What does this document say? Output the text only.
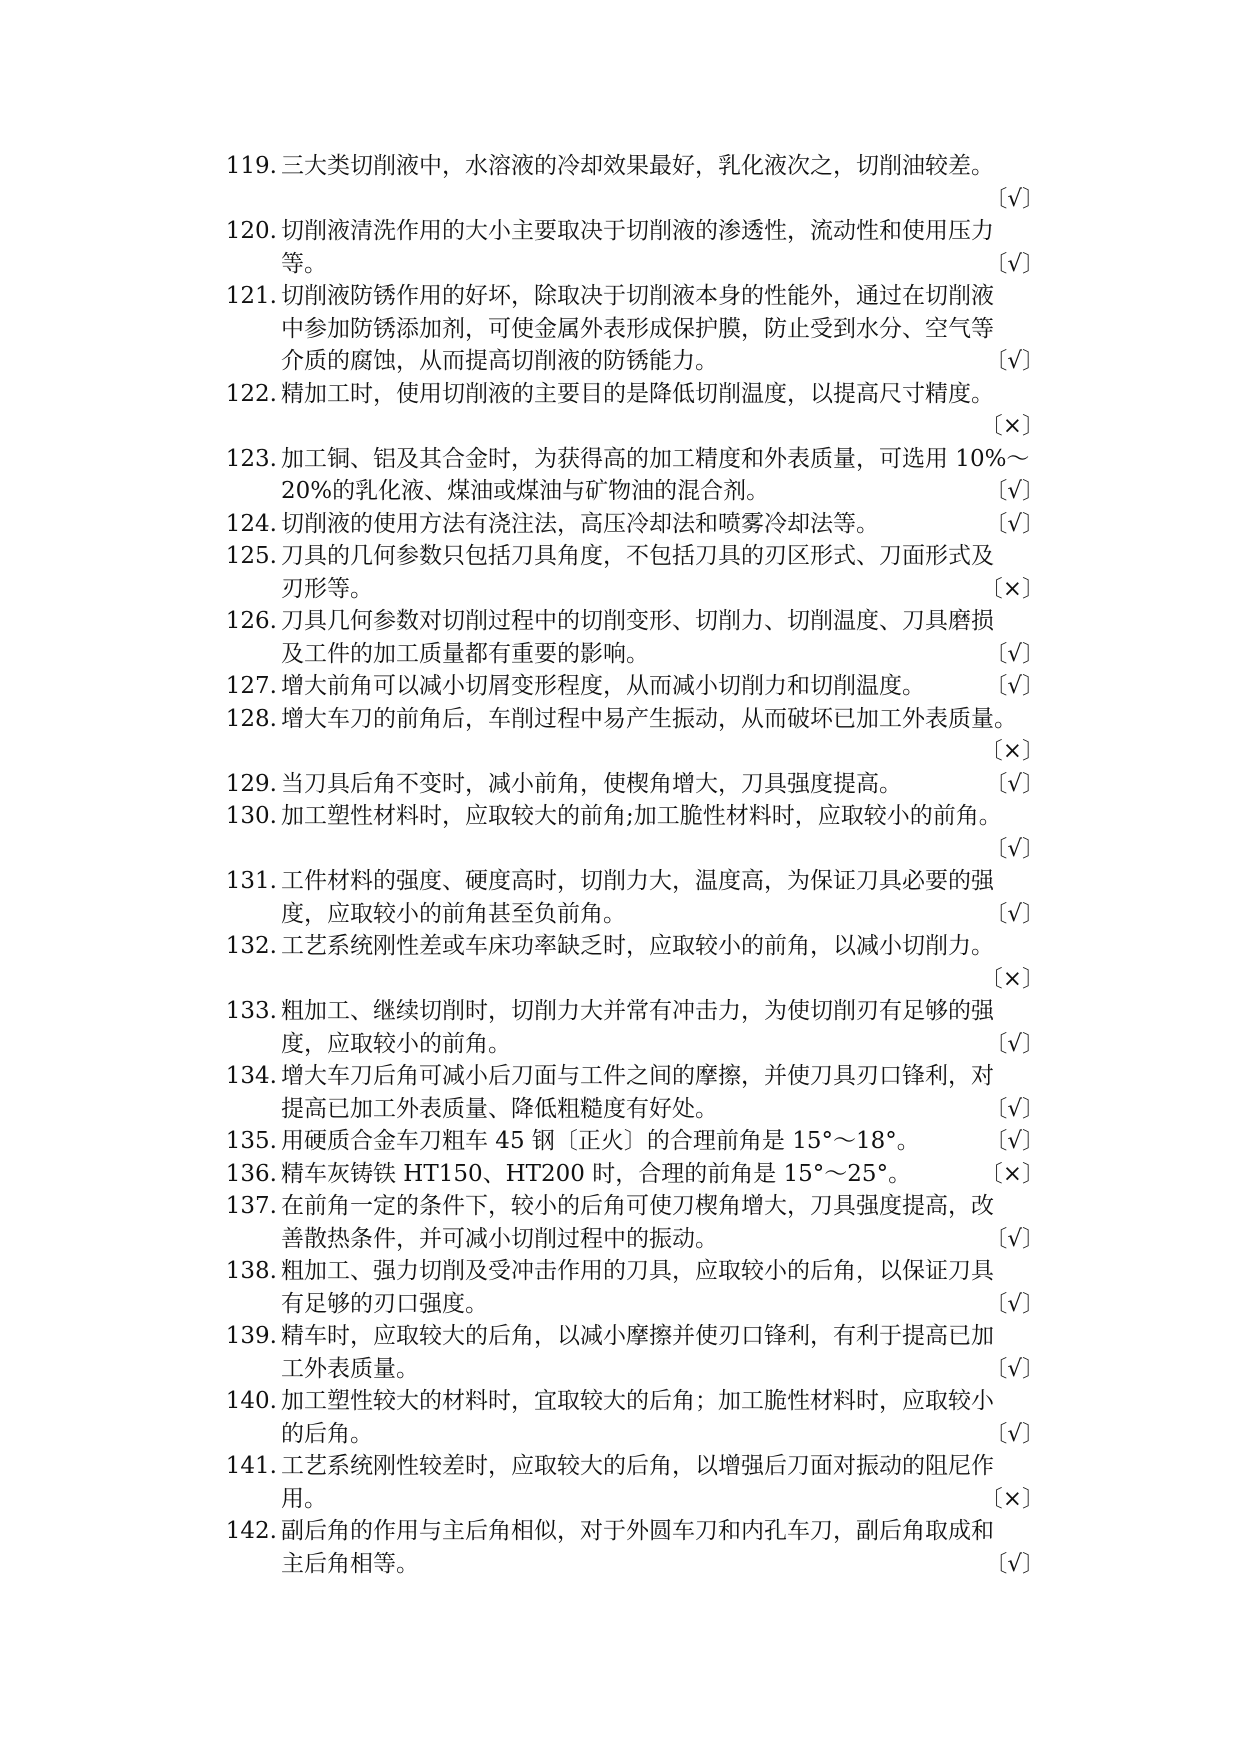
119. 三大类切削液中，水溶液的冷却效果最好，乳化液次之，切削油较差。
〔√〕
120. 切削液清洗作用的大小主要取决于切削液的渗透性，流动性和使用压力
等。	〔√〕
121. 切削液防锈作用的好坏，除取决于切削液本身的性能外，通过在切削液
中参加防锈添加剂，可使金属外表形成保护膜，防止受到水分、空气等
介质的腐蚀，从而提高切削液的防锈能力。	〔√〕
122. 精加工时，使用切削液的主要目的是降低切削温度，以提高尺寸精度。
〔×〕
123. 加工铜、铝及其合金时，为获得高的加工精度和外表质量，可选用 10%～
20%的乳化液、煤油或煤油与矿物油的混合剂。	〔√〕
124. 切削液的使用方法有浇注法，高压冷却法和喷雾冷却法等。	〔√〕
125. 刀具的几何参数只包括刀具角度，不包括刀具的刃区形式、刀面形式及
刃形等。	〔×〕
126. 刀具几何参数对切削过程中的切削变形、切削力、切削温度、刀具磨损
及工件的加工质量都有重要的影响。	〔√〕
127. 增大前角可以减小切屑变形程度，从而减小切削力和切削温度。	〔√〕
128. 增大车刀的前角后，车削过程中易产生振动，从而破坏已加工外表质量。
〔×〕
129. 当刀具后角不变时，减小前角，使楔角增大，刀具强度提高。	〔√〕
130. 加工塑性材料时，应取较大的前角;加工脆性材料时，应取较小的前角。
〔√〕
131. 工件材料的强度、硬度高时，切削力大，温度高，为保证刀具必要的强
度，应取较小的前角甚至负前角。	〔√〕
132. 工艺系统刚性差或车床功率缺乏时，应取较小的前角，以减小切削力。
〔×〕
133. 粗加工、继续切削时，切削力大并常有冲击力，为使切削刃有足够的强
度，应取较小的前角。	〔√〕
134. 增大车刀后角可减小后刀面与工件之间的摩擦，并使刀具刃口锋利，对
提高已加工外表质量、降低粗糙度有好处。	〔√〕
135. 用硬质合金车刀粗车 45 钢〔正火〕的合理前角是 15°～18°。	〔√〕
136. 精车灰铸铁 HT150、HT200 时，合理的前角是 15°～25°。	〔×〕
137. 在前角一定的条件下，较小的后角可使刀楔角增大，刀具强度提高，改
善散热条件，并可减小切削过程中的振动。	〔√〕
138. 粗加工、强力切削及受冲击作用的刀具，应取较小的后角，以保证刀具
有足够的刃口强度。	〔√〕
139. 精车时，应取较大的后角，以减小摩擦并使刃口锋利，有利于提高已加
工外表质量。	〔√〕
140. 加工塑性较大的材料时，宜取较大的后角；加工脆性材料时，应取较小
的后角。	〔√〕
141. 工艺系统刚性较差时，应取较大的后角，以增强后刀面对振动的阻尼作
用。	〔×〕
142. 副后角的作用与主后角相似，对于外圆车刀和内孔车刀，副后角取成和
主后角相等。	〔√〕
